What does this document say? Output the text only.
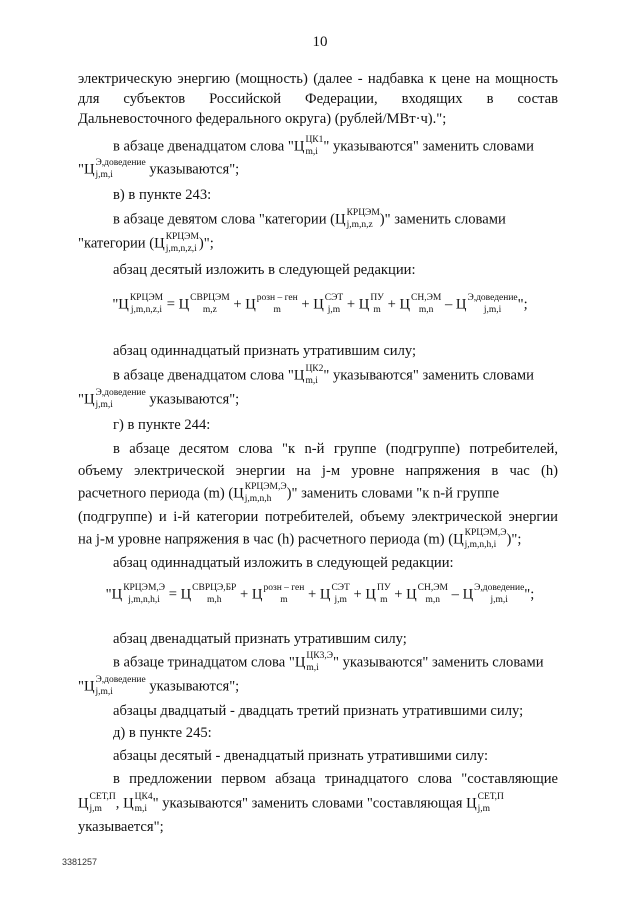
10
электрическую энергию (мощность) (далее - надбавка к цене на мощность
для субъектов Российской Федерации, входящих в состав
Дальневосточного федерального округа) (рублей/МВт·ч).";
в абзаце двенадцатом слова "Ц ЦК1
m,i " указываются" заменить словами
"Ц Э,доведение
j,m,i	указываются";
в) в пункте 243:
в абзаце девятом слова "категории (Ц КРЦЭМ
j,m,n,z )" заменить словами
"категории (Ц КРЦЭМ
j,m,n,z,i )";
абзац десятый изложить в следующей редакции:
"Ц КРЦЭМ
j,m,n,z,i = Ц СВРЦЭМ
m,z	+ Ц розн – ген
m	+ Ц СЭТ
j,m + Ц ПУ
m + Ц СН,ЭМ
m,n – Ц Э,доведение
j,m,i	";
абзац одиннадцатый признать утратившим силу;
в абзаце двенадцатом слова "Ц ЦК2
m,i " указываются" заменить словами
"Ц Э,доведение
j,m,i	указываются";
г) в пункте 244:
в абзаце десятом слова "к n-й группе (подгруппе) потребителей,
объему электрической энергии на j-м уровне напряжения в час (h)
расчетного периода (m) (Ц КРЦЭМ,Э
j,m,n,h	)" заменить словами "к n-й группе
(подгруппе) и i-й категории потребителей, объему электрической энергии
на j-м уровне напряжения в час (h) расчетного периода (m) (Ц КРЦЭМ,Э
j,m,n,h,i )";
абзац одиннадцатый изложить в следующей редакции:
"Ц КРЦЭМ,Э
j,m,n,h,i = Ц СВРЦЭ,БР
m,h	+ Ц розн – ген
m	+ Ц СЭТ
j,m + Ц ПУ
m + Ц СН,ЭМ
m,n – Ц Э,доведение
j,m,i	";
абзац двенадцатый признать утратившим силу;
в абзаце тринадцатом слова "Ц ЦК3,Э
m,i " указываются" заменить словами
"Ц Э,доведение
j,m,i	указываются";
абзацы двадцатый - двадцать третий признать утратившими силу;
д) в пункте 245:
абзацы десятый - двенадцатый признать утратившими силу:
в предложении первом абзаца тринадцатого слова "составляющие
Ц СЕТ,П
j,m , Ц ЦК4
m,i " указываются" заменить словами "составляющая Ц СЕТ,П
j,m
указывается";
3381257
